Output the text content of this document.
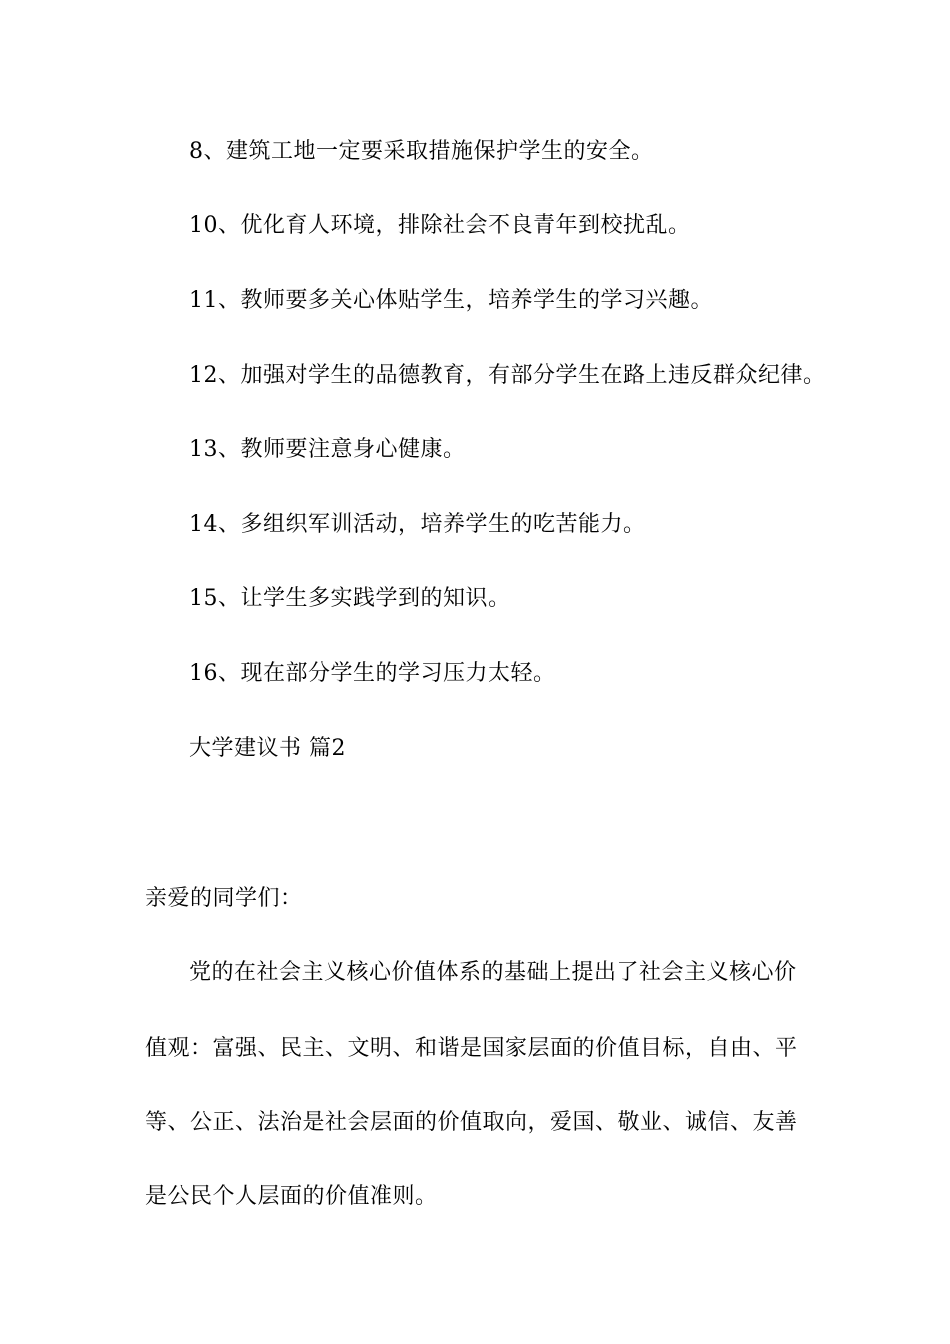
8、建筑工地一定要采取措施保护学生的安全。
10、优化育人环境，排除社会不良青年到校扰乱。
11、教师要多关心体贴学生，培养学生的学习兴趣。
12、加强对学生的品德教育，有部分学生在路上违反群众纪律。
13、教师要注意身心健康。
14、多组织军训活动，培养学生的吃苦能力。
15、让学生多实践学到的知识。
16、现在部分学生的学习压力太轻。
大学建议书 篇2
亲爱的同学们：
党的在社会主义核心价值体系的基础上提出了社会主义核心价
值观：富强、民主、文明、和谐是国家层面的价值目标，自由、平
等、公正、法治是社会层面的价值取向，爱国、敬业、诚信、友善
是公民个人层面的价值准则。
